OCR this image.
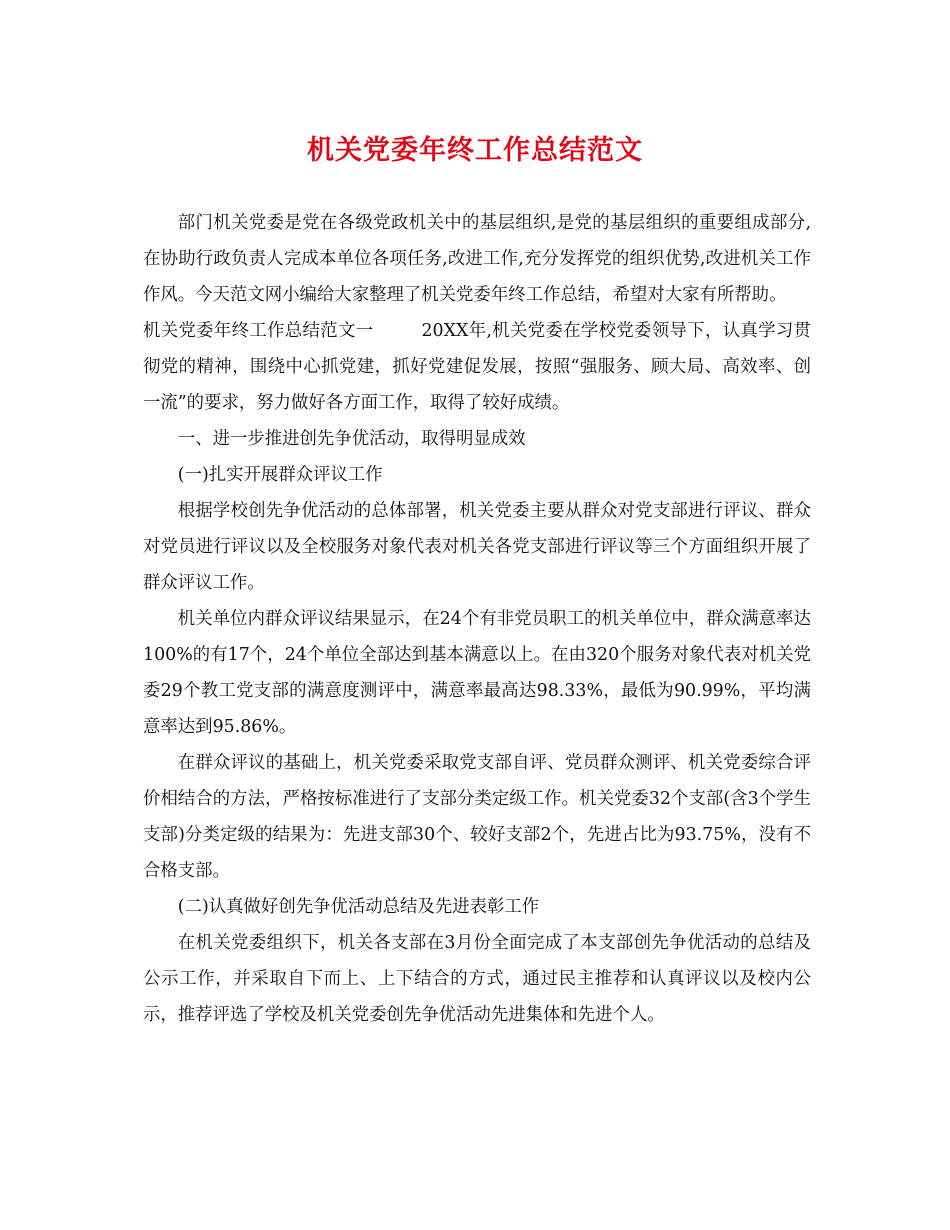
机关党委年终工作总结范文

部门机关党委是党在各级党政机关中的基层组织,是党的基层组织的重要组成部分,在协助行政负责人完成本单位各项任务,改进工作,充分发挥党的组织优势,改进机关工作作风。今天范文网小编给大家整理了机关党委年终工作总结，希望对大家有所帮助。

机关党委年终工作总结范文一	20XX年,机关党委在学校党委领导下，认真学习贯彻党的精神，围绕中心抓党建，抓好党建促发展，按照“强服务、顾大局、高效率、创一流”的要求，努力做好各方面工作，取得了较好成绩。

一、进一步推进创先争优活动，取得明显成效

(一)扎实开展群众评议工作

根据学校创先争优活动的总体部署，机关党委主要从群众对党支部进行评议、群众对党员进行评议以及全校服务对象代表对机关各党支部进行评议等三个方面组织开展了群众评议工作。

机关单位内群众评议结果显示，在24个有非党员职工的机关单位中，群众满意率达100%的有17个，24个单位全部达到基本满意以上。在由320个服务对象代表对机关党委29个教工党支部的满意度测评中，满意率最高达98.33%，最低为90.99%，平均满意率达到95.86%。

在群众评议的基础上，机关党委采取党支部自评、党员群众测评、机关党委综合评价相结合的方法，严格按标准进行了支部分类定级工作。机关党委32个支部(含3个学生支部)分类定级的结果为：先进支部30个、较好支部2个，先进占比为93.75%，没有不合格支部。

(二)认真做好创先争优活动总结及先进表彰工作

在机关党委组织下，机关各支部在3月份全面完成了本支部创先争优活动的总结及公示工作，并采取自下而上、上下结合的方式，通过民主推荐和认真评议以及校内公示，推荐评选了学校及机关党委创先争优活动先进集体和先进个人。
